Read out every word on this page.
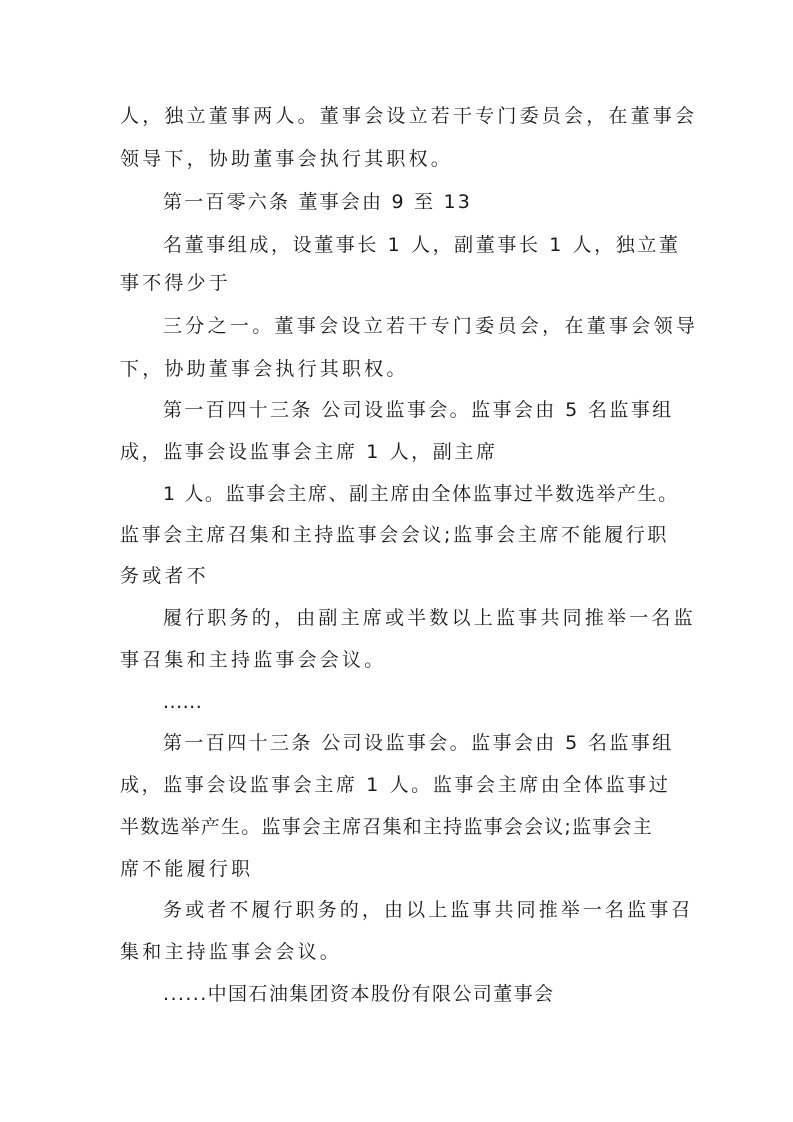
人，独立董事两人。董事会设立若干专门委员会，在董事会
领导下，协助董事会执行其职权。
第一百零六条 董事会由 9 至 13
名董事组成，设董事长 1 人，副董事长 1 人，独立董
事不得少于
三分之一。董事会设立若干专门委员会，在董事会领导
下，协助董事会执行其职权。
第一百四十三条 公司设监事会。监事会由 5 名监事组
成，监事会设监事会主席 1 人，副主席
1 人。监事会主席、副主席由全体监事过半数选举产生。
监事会主席召集和主持监事会会议;监事会主席不能履行职
务或者不
履行职务的，由副主席或半数以上监事共同推举一名监
事召集和主持监事会会议。
......
第一百四十三条 公司设监事会。监事会由 5 名监事组
成，监事会设监事会主席 1 人。监事会主席由全体监事过
半数选举产生。监事会主席召集和主持监事会会议;监事会主
席不能履行职
务或者不履行职务的，由以上监事共同推举一名监事召
集和主持监事会会议。
......中国石油集团资本股份有限公司董事会
